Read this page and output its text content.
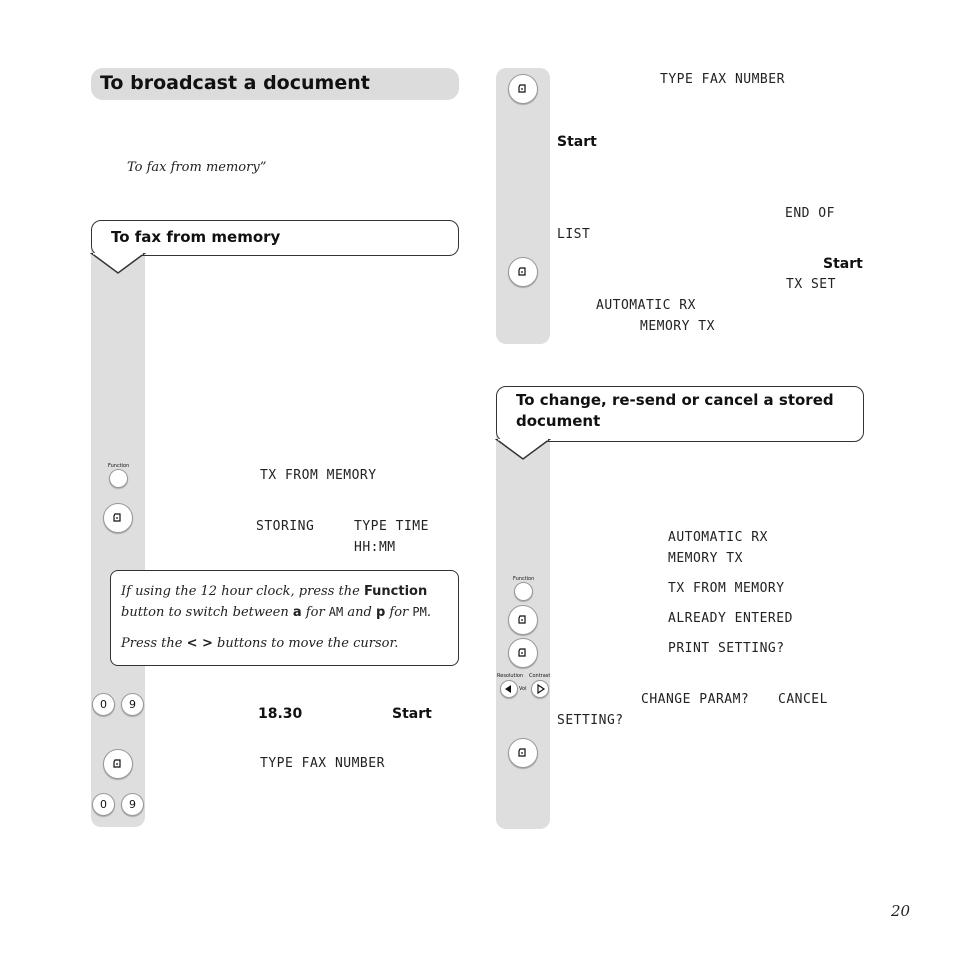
To broadcast a document
To fax from memory”
To fax from memory
Function
TX FROM MEMORY
STORING	TYPE TIME
HH:MM

If using the 12 hour clock, press the Function

button to switch between a for AM and p for PM.

Press the < > buttons to move the cursor.

0	9
18.30	Start
TYPE FAX NUMBER
0	9
TYPE FAX NUMBER
Start
END OF
LIST
Start
TX SET
AUTOMATIC RX
MEMORY TX
To change, re-send or cancel a stored
document
AUTOMATIC RX
MEMORY TX
Function
TX FROM MEMORY
ALREADY ENTERED
PRINT SETTING?
Resolution Contrast
Vol
CHANGE PARAM? CANCEL
SETTING?
20
